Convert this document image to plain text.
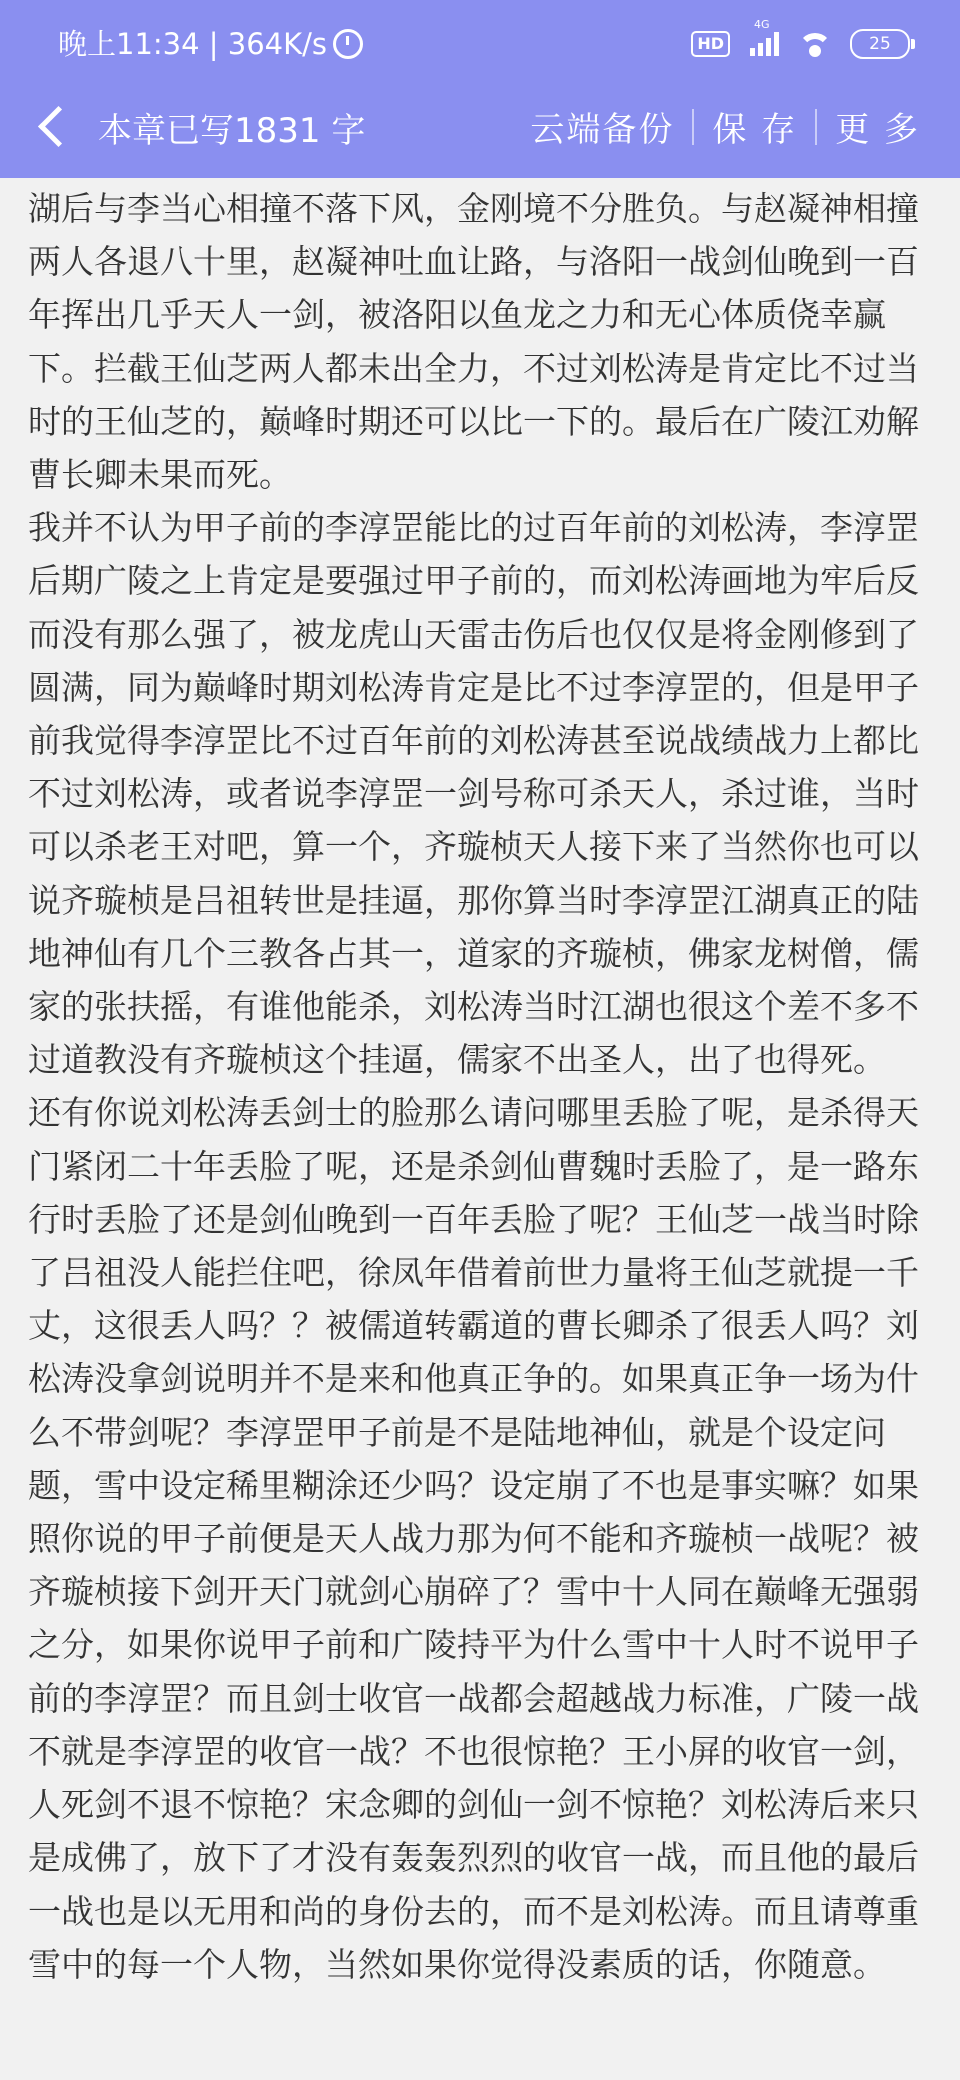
晚上11:34 | 364K/s	HD
4G
25
本章已写1831 字	云端备份	保 存	更 多
湖后与李当心相撞不落下风，金刚境不分胜负。与赵凝神相撞两人各退八十里，赵凝神吐血让路，与洛阳一战剑仙晚到一百年挥出几乎天人一剑，被洛阳以鱼龙之力和无心体质侥幸赢下。拦截王仙芝两人都未出全力，不过刘松涛是肯定比不过当时的王仙芝的，巅峰时期还可以比一下的。最后在广陵江劝解曹长卿未果而死。
我并不认为甲子前的李淳罡能比的过百年前的刘松涛，李淳罡后期广陵之上肯定是要强过甲子前的，而刘松涛画地为牢后反而没有那么强了，被龙虎山天雷击伤后也仅仅是将金刚修到了圆满，同为巅峰时期刘松涛肯定是比不过李淳罡的，但是甲子前我觉得李淳罡比不过百年前的刘松涛甚至说战绩战力上都比不过刘松涛，或者说李淳罡一剑号称可杀天人，杀过谁，当时可以杀老王对吧，算一个，齐璇桢天人接下来了当然你也可以说齐璇桢是吕祖转世是挂逼，那你算当时李淳罡江湖真正的陆地神仙有几个三教各占其一，道家的齐璇桢，佛家龙树僧，儒家的张扶摇，有谁他能杀，刘松涛当时江湖也很这个差不多不过道教没有齐璇桢这个挂逼，儒家不出圣人，出了也得死。
还有你说刘松涛丢剑士的脸那么请问哪里丢脸了呢，是杀得天门紧闭二十年丢脸了呢，还是杀剑仙曹魏时丢脸了，是一路东行时丢脸了还是剑仙晚到一百年丢脸了呢？王仙芝一战当时除了吕祖没人能拦住吧，徐凤年借着前世力量将王仙芝就提一千丈，这很丢人吗？？被儒道转霸道的曹长卿杀了很丢人吗？刘松涛没拿剑说明并不是来和他真正争的。如果真正争一场为什么不带剑呢？李淳罡甲子前是不是陆地神仙，就是个设定问题，雪中设定稀里糊涂还少吗？设定崩了不也是事实嘛？如果照你说的甲子前便是天人战力那为何不能和齐璇桢一战呢？被齐璇桢接下剑开天门就剑心崩碎了？雪中十人同在巅峰无强弱之分，如果你说甲子前和广陵持平为什么雪中十人时不说甲子前的李淳罡？而且剑士收官一战都会超越战力标准，广陵一战不就是李淳罡的收官一战？不也很惊艳？王小屏的收官一剑，人死剑不退不惊艳？宋念卿的剑仙一剑不惊艳？刘松涛后来只是成佛了，放下了才没有轰轰烈烈的收官一战，而且他的最后一战也是以无用和尚的身份去的，而不是刘松涛。而且请尊重雪中的每一个人物，当然如果你觉得没素质的话，你随意。
